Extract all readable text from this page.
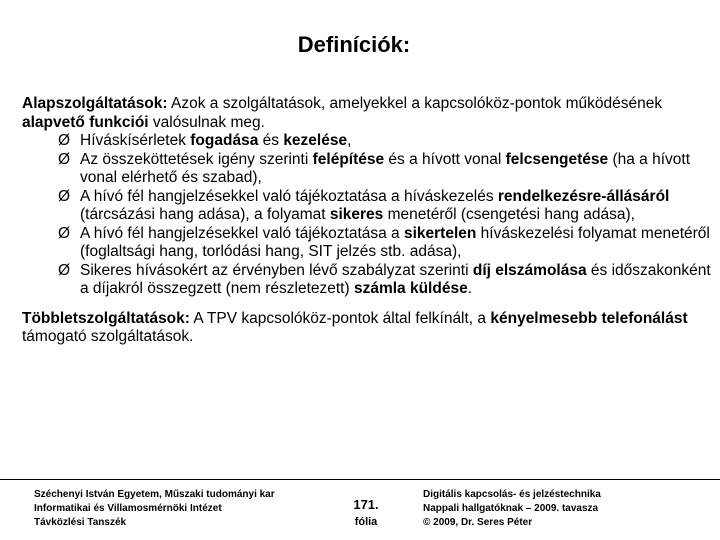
Definíciók:

Alapszolgáltatások: Azok a szolgáltatások, amelyekkel a kapcsolóköz-pontok működésének alapvető funkciói valósulnak meg.

Ø Híváskísérletek fogadása és kezelése,
Ø Az összeköttetések igény szerinti felépítése és a hívott vonal felcsengetése (ha a hívott vonal elérhető és szabad),
Ø A hívó fél hangjelzésekkel való tájékoztatása a híváskezelés rendelkezésre-állásáról (tárcsázási hang adása), a folyamat sikeres menetéről (csengetési hang adása),
Ø A hívó fél hangjelzésekkel való tájékoztatása a sikertelen híváskezelési folyamat menetéről (foglaltsági hang, torlódási hang, SIT jelzés stb. adása),
Ø Sikeres hívásokért az érvényben lévő szabályzat szerinti díj elszámolása és időszakonként a díjakról összegzett (nem részletezett) számla küldése.

Többletszolgáltatások: A TPV kapcsolóköz-pontok által felkínált, a kényelmesebb telefonálást támogató szolgáltatások.

Széchenyi István Egyetem, Műszaki tudományi kar
Informatikai és Villamosmérnöki Intézet
Távközlési Tanszék
171.
fólia
Digitális kapcsolás- és jelzéstechnika
Nappali hallgatóknak – 2009. tavasza
© 2009, Dr. Seres Péter
